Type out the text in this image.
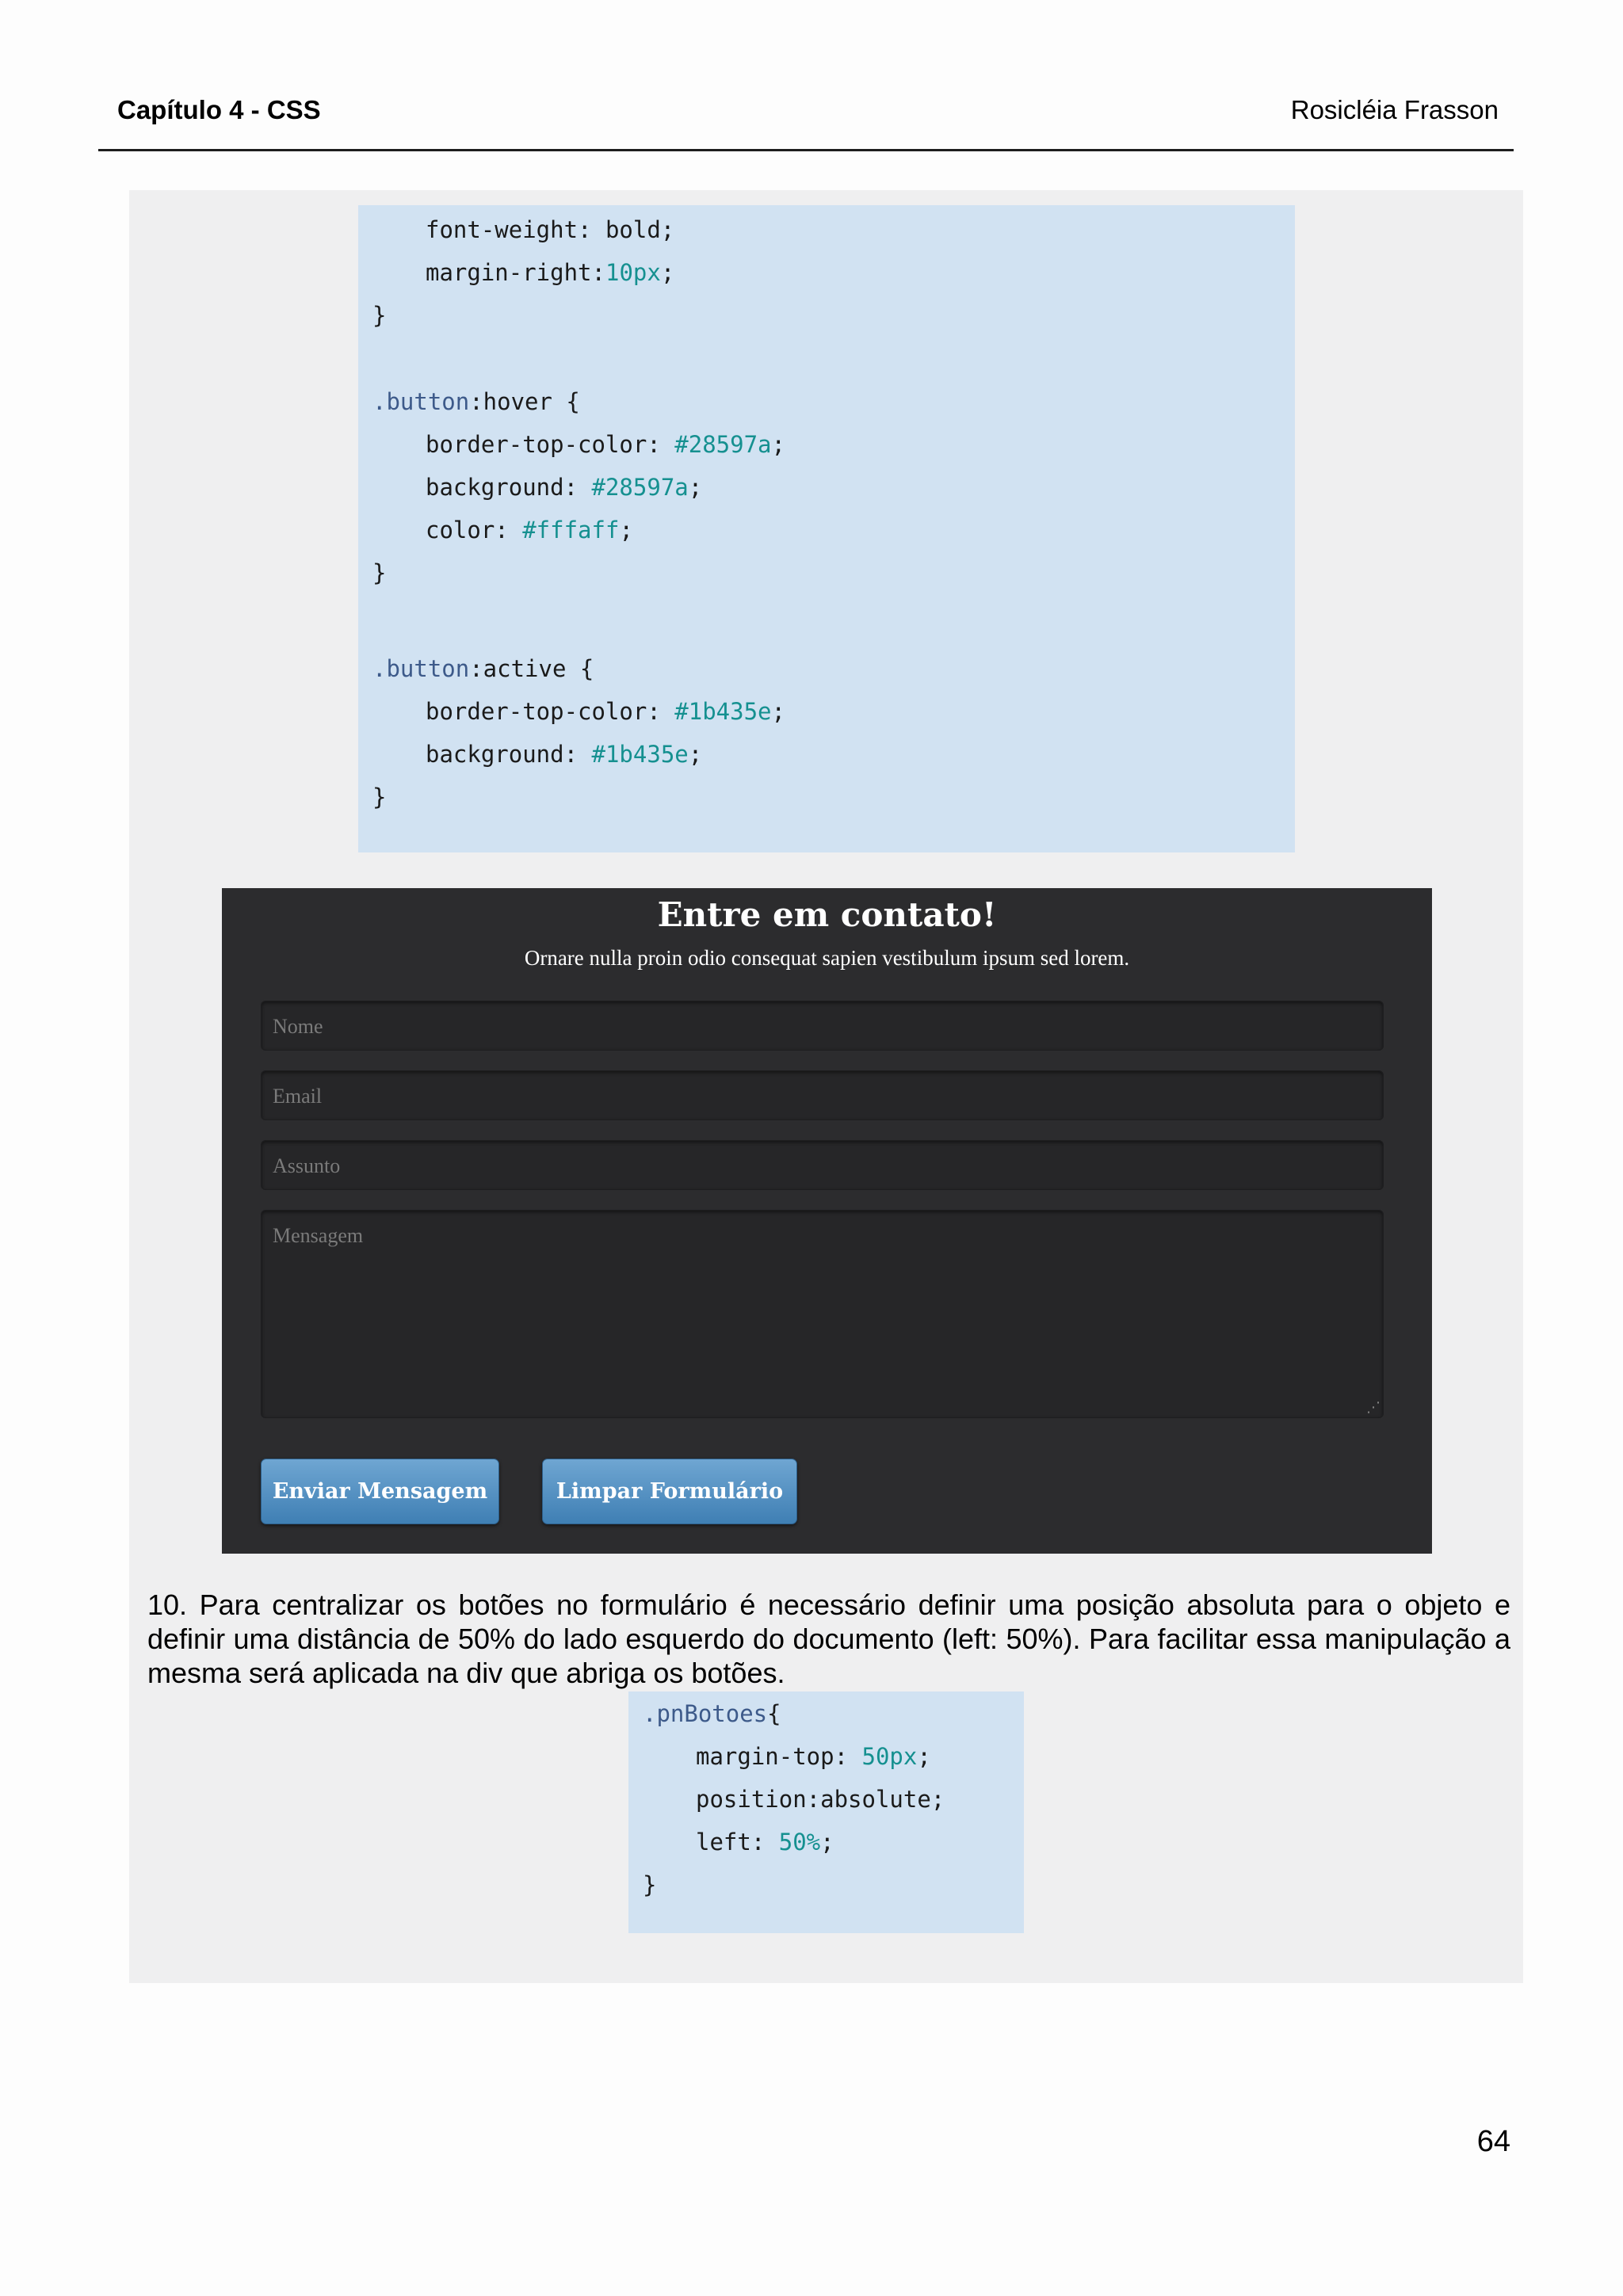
Capítulo 4 - CSS	Rosicléia Frasson
font-weight: bold;
margin-right:10px;
}
.button:hover {
border-top-color: #28597a;
background: #28597a;
color: #fffaff;
}
.button:active {
border-top-color: #1b435e;
background: #1b435e;
}
Entre em contato!
Ornare nulla proin odio consequat sapien vestibulum ipsum sed lorem.
Nome
Email
Assunto
Mensagem
⋰
Enviar Mensagem	Limpar Formulário
10. Para centralizar os botões no formulário é necessário definir uma posição absoluta para o objeto e definir uma distância de 50% do lado esquerdo do documento (left: 50%). Para facilitar essa manipulação a mesma será aplicada na div que abriga os botões.
.pnBotoes{
margin-top: 50px;
position:absolute;
left: 50%;
}
64
